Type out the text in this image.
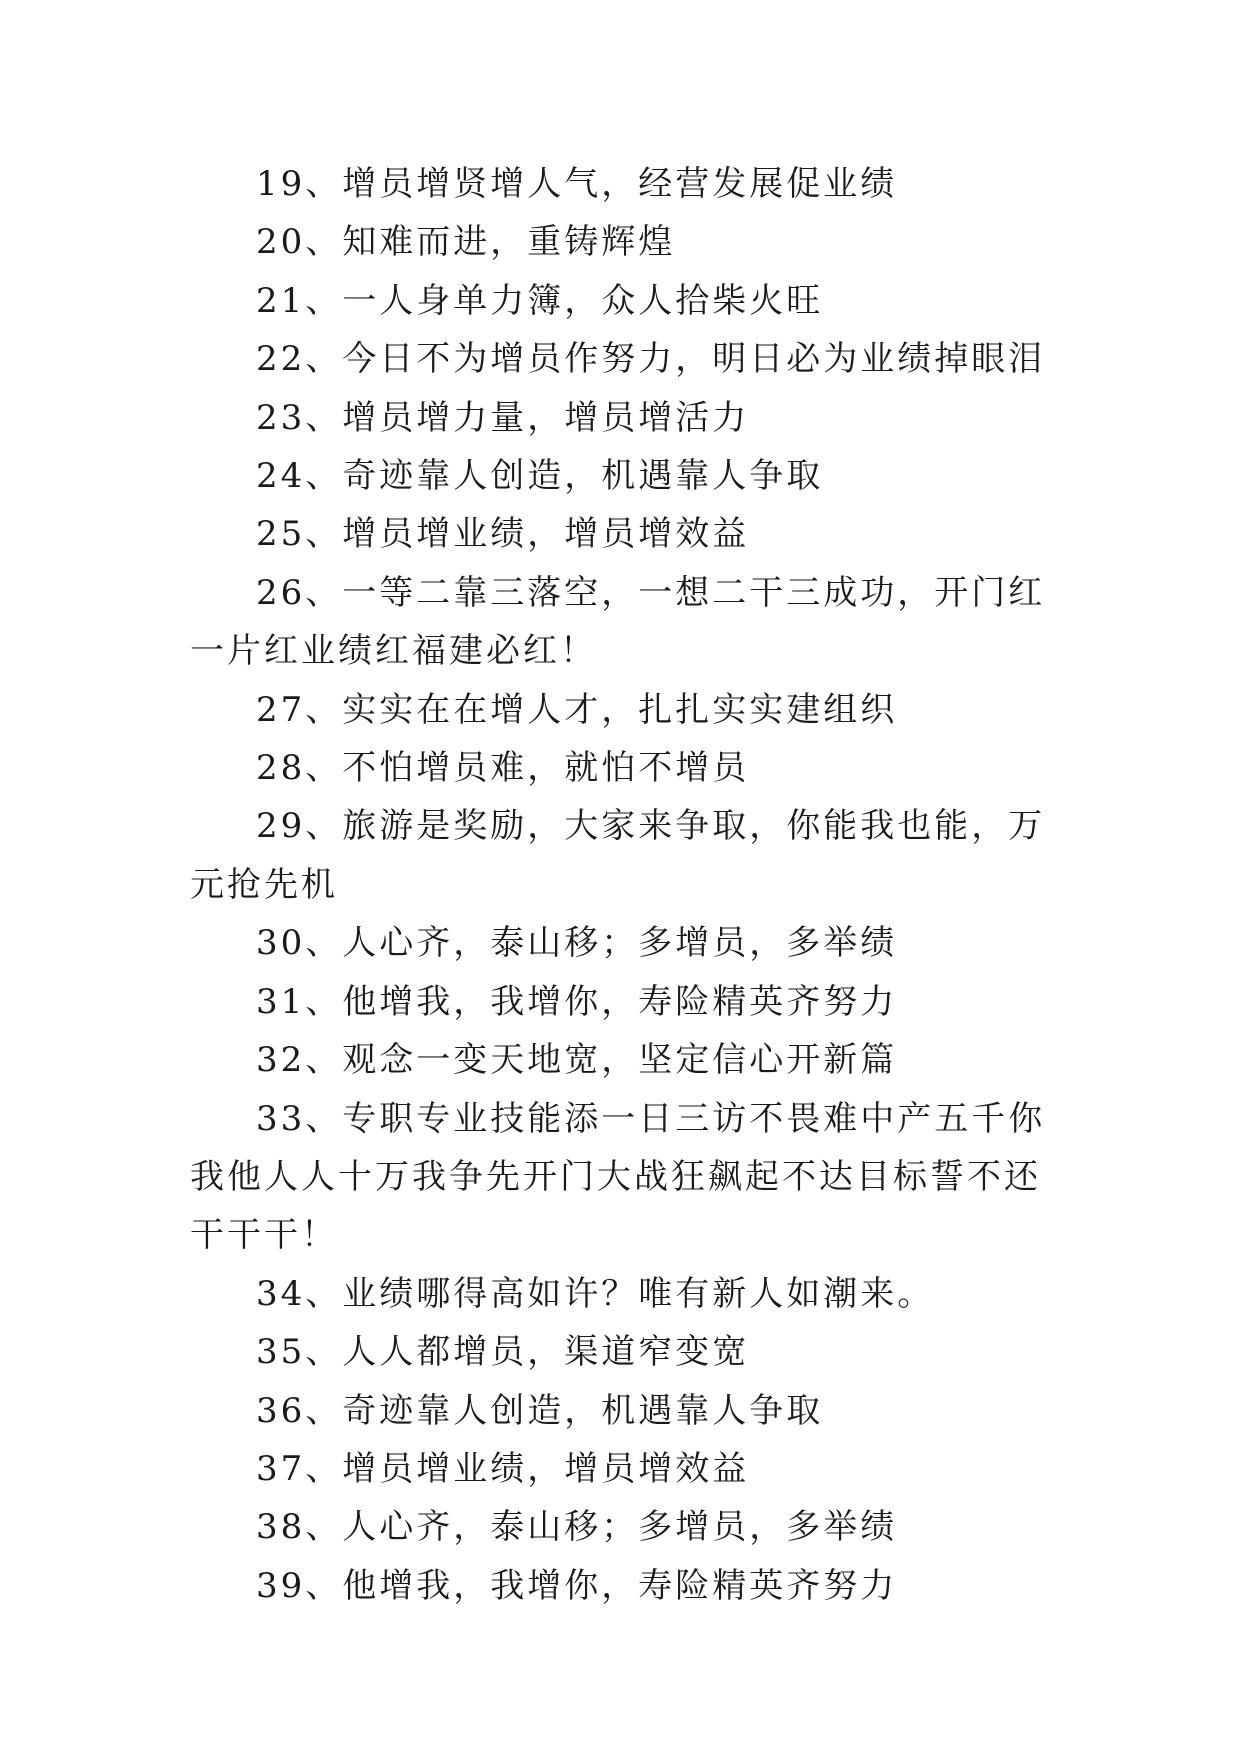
19、增员增贤增人气，经营发展促业绩

20、知难而进，重铸辉煌

21、一人身单力簿，众人拾柴火旺

22、今日不为增员作努力，明日必为业绩掉眼泪

23、增员增力量，增员增活力

24、奇迹靠人创造，机遇靠人争取

25、增员增业绩，增员增效益

26、一等二靠三落空，一想二干三成功，开门红一片红业绩红福建必红！

27、实实在在增人才，扎扎实实建组织

28、不怕增员难，就怕不增员

29、旅游是奖励，大家来争取，你能我也能，万元抢先机

30、人心齐，泰山移；多增员，多举绩

31、他增我，我增你，寿险精英齐努力

32、观念一变天地宽，坚定信心开新篇

33、专职专业技能添一日三访不畏难中产五千你我他人人十万我争先开门大战狂飙起不达目标誓不还干干干！

34、业绩哪得高如许？唯有新人如潮来。

35、人人都增员，渠道窄变宽

36、奇迹靠人创造，机遇靠人争取

37、增员增业绩，增员增效益

38、人心齐，泰山移；多增员，多举绩

39、他增我，我增你，寿险精英齐努力
